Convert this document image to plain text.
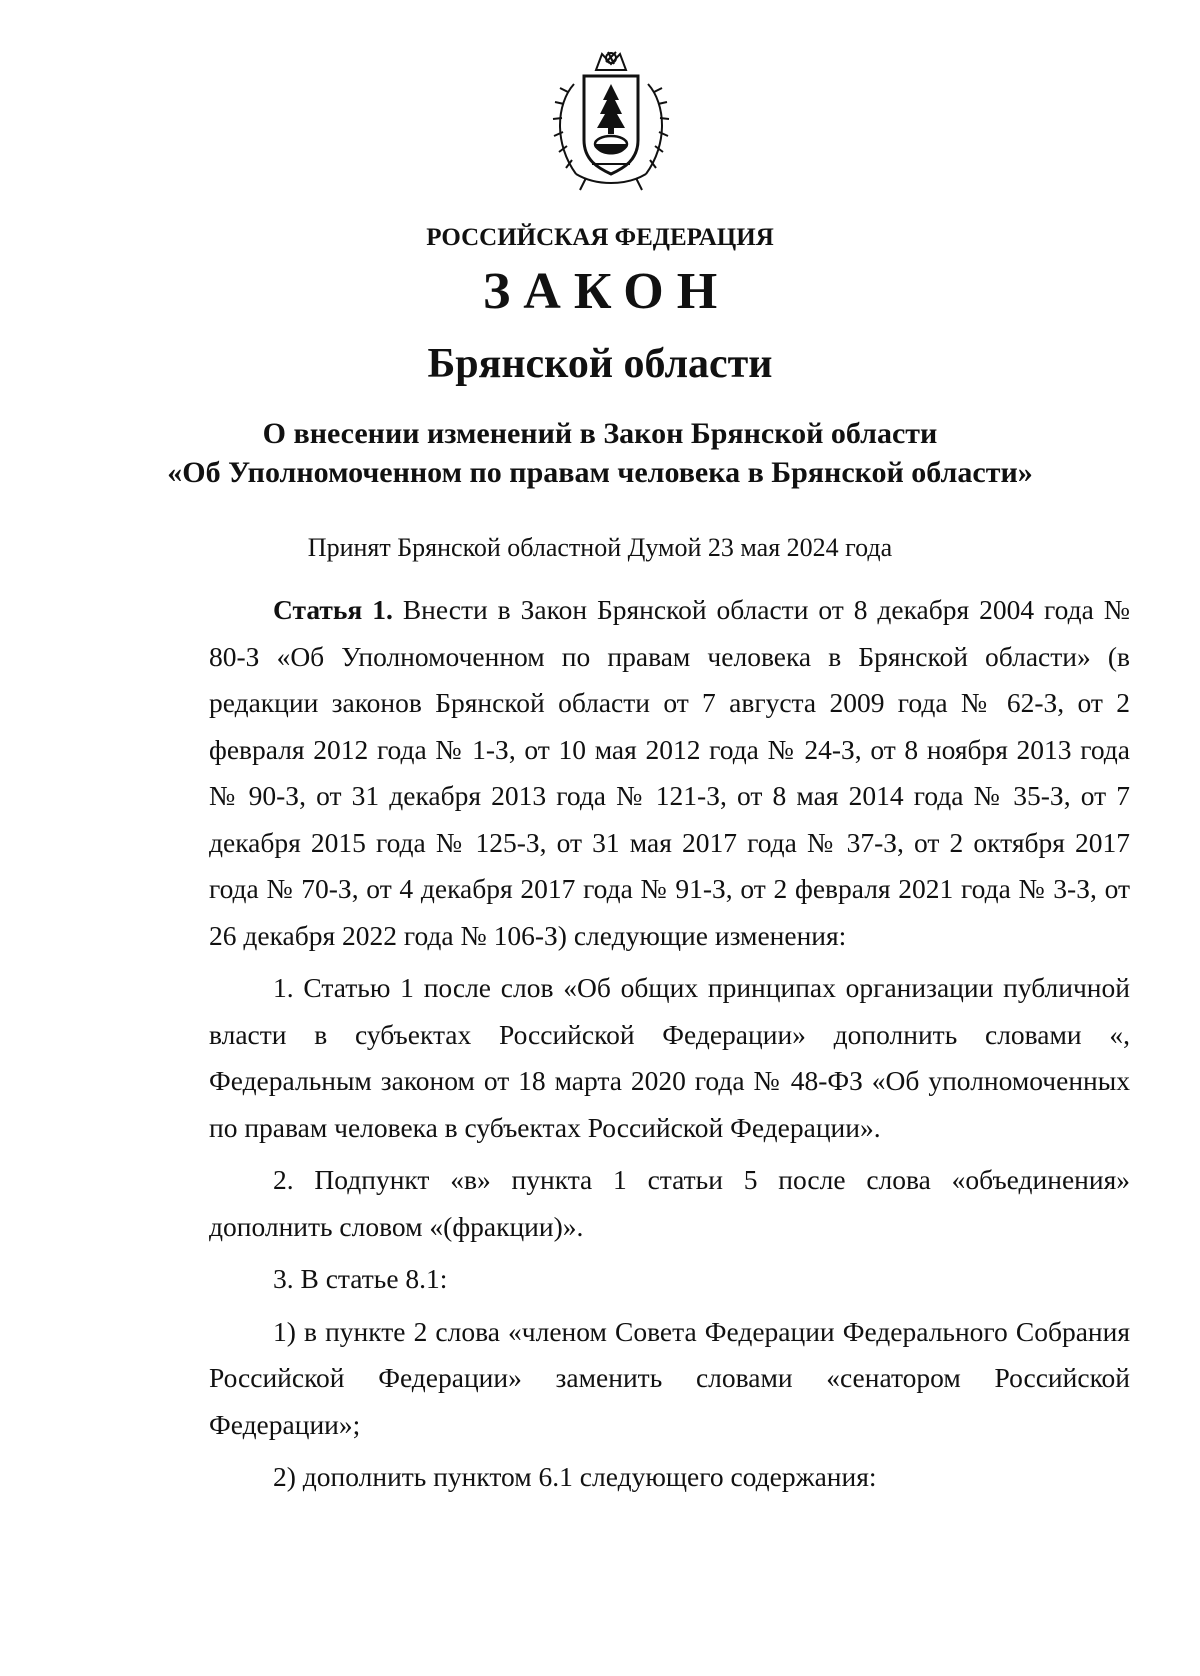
РОССИЙСКАЯ ФЕДЕРАЦИЯ

ЗАКОН

Брянской области

О внесении изменений в Закон Брянской области

«Об Уполномоченном по правам человека в Брянской области»

Принят Брянской областной Думой 23 мая 2024 года

Статья 1. Внести в Закон Брянской области от 8 декабря 2004 года № 80-З «Об Уполномоченном по правам человека в Брянской области» (в редакции законов Брянской области от 7 августа 2009 года № 62-З, от 2 февраля 2012 года № 1-З, от 10 мая 2012 года № 24-З, от 8 ноября 2013 года № 90-З, от 31 декабря 2013 года № 121-З, от 8 мая 2014 года № 35-З, от 7 декабря 2015 года № 125-З, от 31 мая 2017 года № 37-З, от 2 октября 2017 года № 70-З, от 4 декабря 2017 года № 91-З, от 2 февраля 2021 года № 3-З, от 26 декабря 2022 года № 106-З) следующие изменения:

1. Статью 1 после слов «Об общих принципах организации публичной власти в субъектах Российской Федерации» дополнить словами «, Федеральным законом от 18 марта 2020 года № 48-ФЗ «Об уполномоченных по правам человека в субъектах Российской Федерации».

2. Подпункт «в» пункта 1 статьи 5 после слова «объединения» дополнить словом «(фракции)».

3. В статье 8.1:

1) в пункте 2 слова «членом Совета Федерации Федерального Собрания Российской Федерации» заменить словами «сенатором Российской Федерации»;

2) дополнить пунктом 6.1 следующего содержания:
